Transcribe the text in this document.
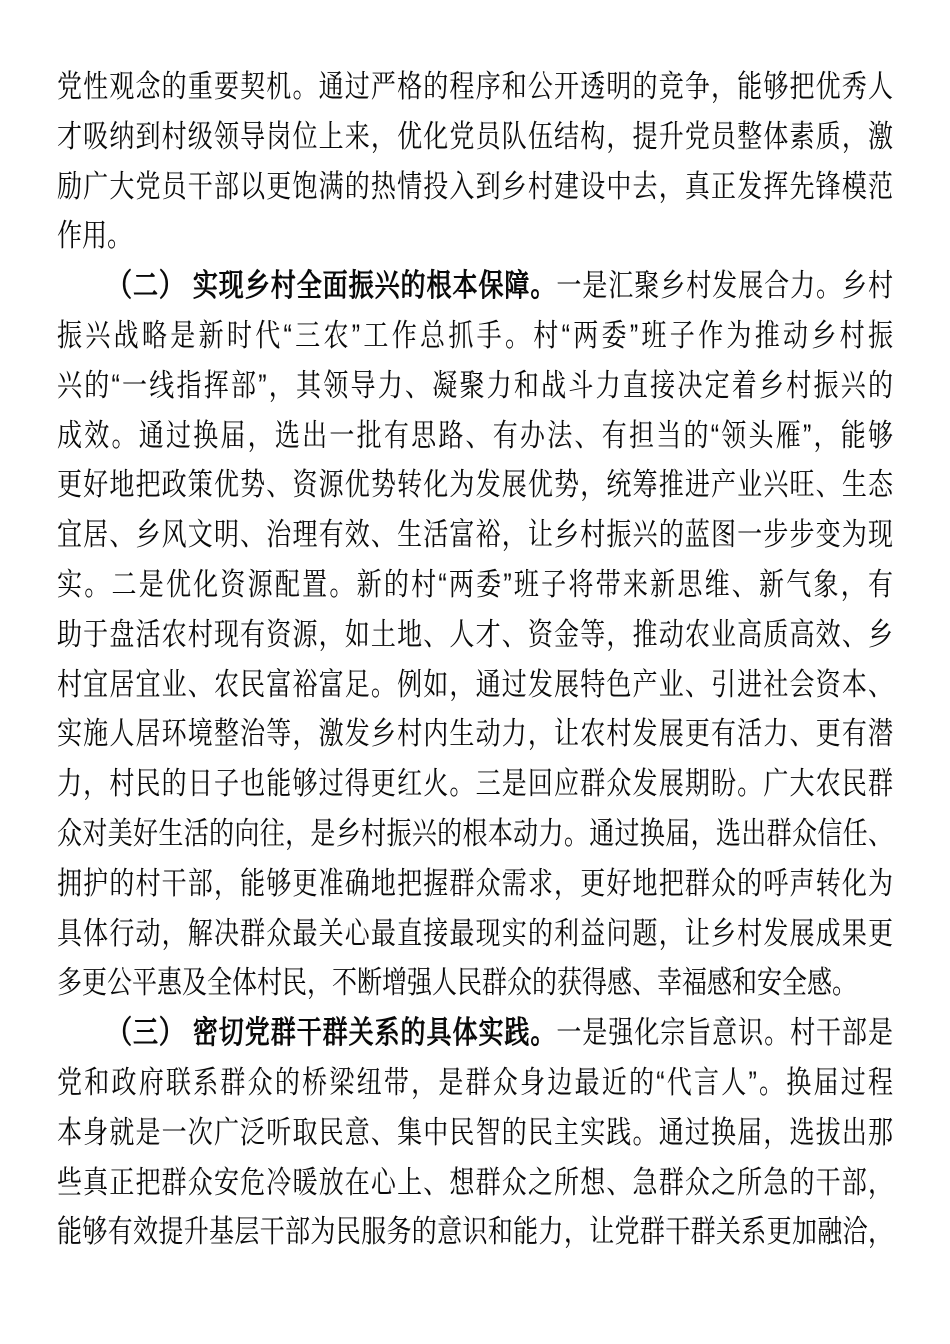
党性观念的重要契机。通过严格的程序和公开透明的竞争，能够把优秀人
才吸纳到村级领导岗位上来，优化党员队伍结构，提升党员整体素质，激
励广大党员干部以更饱满的热情投入到乡村建设中去，真正发挥先锋模范
作用。
（二） 实现乡村全面振兴的根本保障。一是汇聚乡村发展合力。乡村
振兴战略是新时代“三农”工作总抓手。村“两委”班子作为推动乡村振
兴的“一线指挥部”，其领导力、凝聚力和战斗力直接决定着乡村振兴的
成效。通过换届，选出一批有思路、有办法、有担当的“领头雁”，能够
更好地把政策优势、资源优势转化为发展优势，统筹推进产业兴旺、生态
宜居、乡风文明、治理有效、生活富裕，让乡村振兴的蓝图一步步变为现
实。二是优化资源配置。新的村“两委”班子将带来新思维、新气象，有
助于盘活农村现有资源，如土地、人才、资金等，推动农业高质高效、乡
村宜居宜业、农民富裕富足。例如，通过发展特色产业、引进社会资本、
实施人居环境整治等，激发乡村内生动力，让农村发展更有活力、更有潜
力，村民的日子也能够过得更红火。三是回应群众发展期盼。广大农民群
众对美好生活的向往，是乡村振兴的根本动力。通过换届，选出群众信任、
拥护的村干部，能够更准确地把握群众需求，更好地把群众的呼声转化为
具体行动，解决群众最关心最直接最现实的利益问题，让乡村发展成果更
多更公平惠及全体村民，不断增强人民群众的获得感、幸福感和安全感。
（三） 密切党群干群关系的具体实践。一是强化宗旨意识。村干部是
党和政府联系群众的桥梁纽带，是群众身边最近的“代言人”。换届过程
本身就是一次广泛听取民意、集中民智的民主实践。通过换届，选拔出那
些真正把群众安危冷暖放在心上、想群众之所想、急群众之所急的干部，
能够有效提升基层干部为民服务的意识和能力，让党群干群关系更加融洽，
